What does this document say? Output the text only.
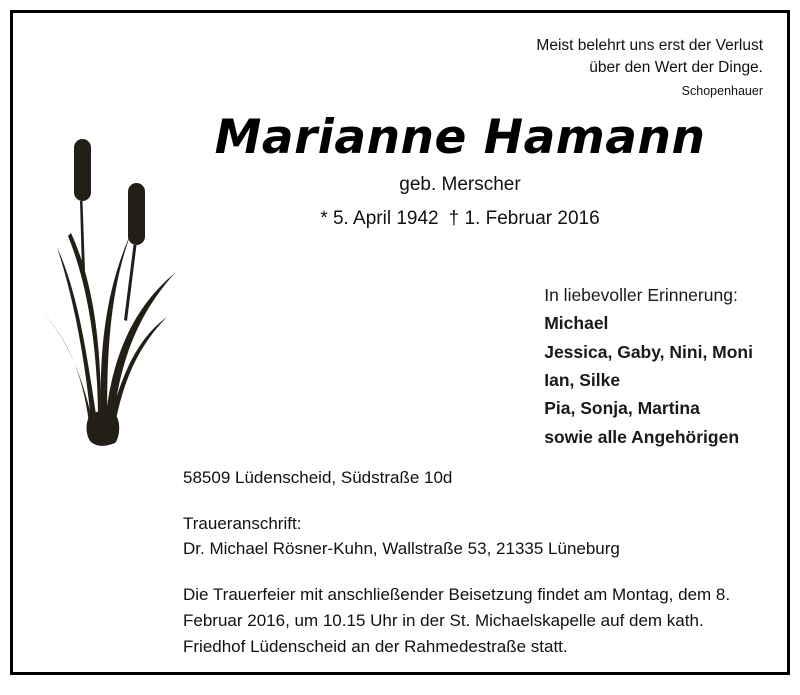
Meist belehrt uns erst der Verlust
über den Wert der Dinge.
Schopenhauer
Marianne Hamann
geb. Merscher
* 5. April 1942 † 1. Februar 2016
In liebevoller Erinnerung:
Michael
Jessica, Gaby, Nini, Moni
Ian, Silke
Pia, Sonja, Martina
sowie alle Angehörigen
58509 Lüdenscheid, Südstraße 10d
Traueranschrift:
Dr. Michael Rösner-Kuhn, Wallstraße 53, 21335 Lüneburg
Die Trauerfeier mit anschließender Beisetzung findet am Montag, dem 8. Februar 2016, um 10.15 Uhr in der St. Michaelskapelle auf dem kath. Friedhof Lüdenscheid an der Rahmedestraße statt.
